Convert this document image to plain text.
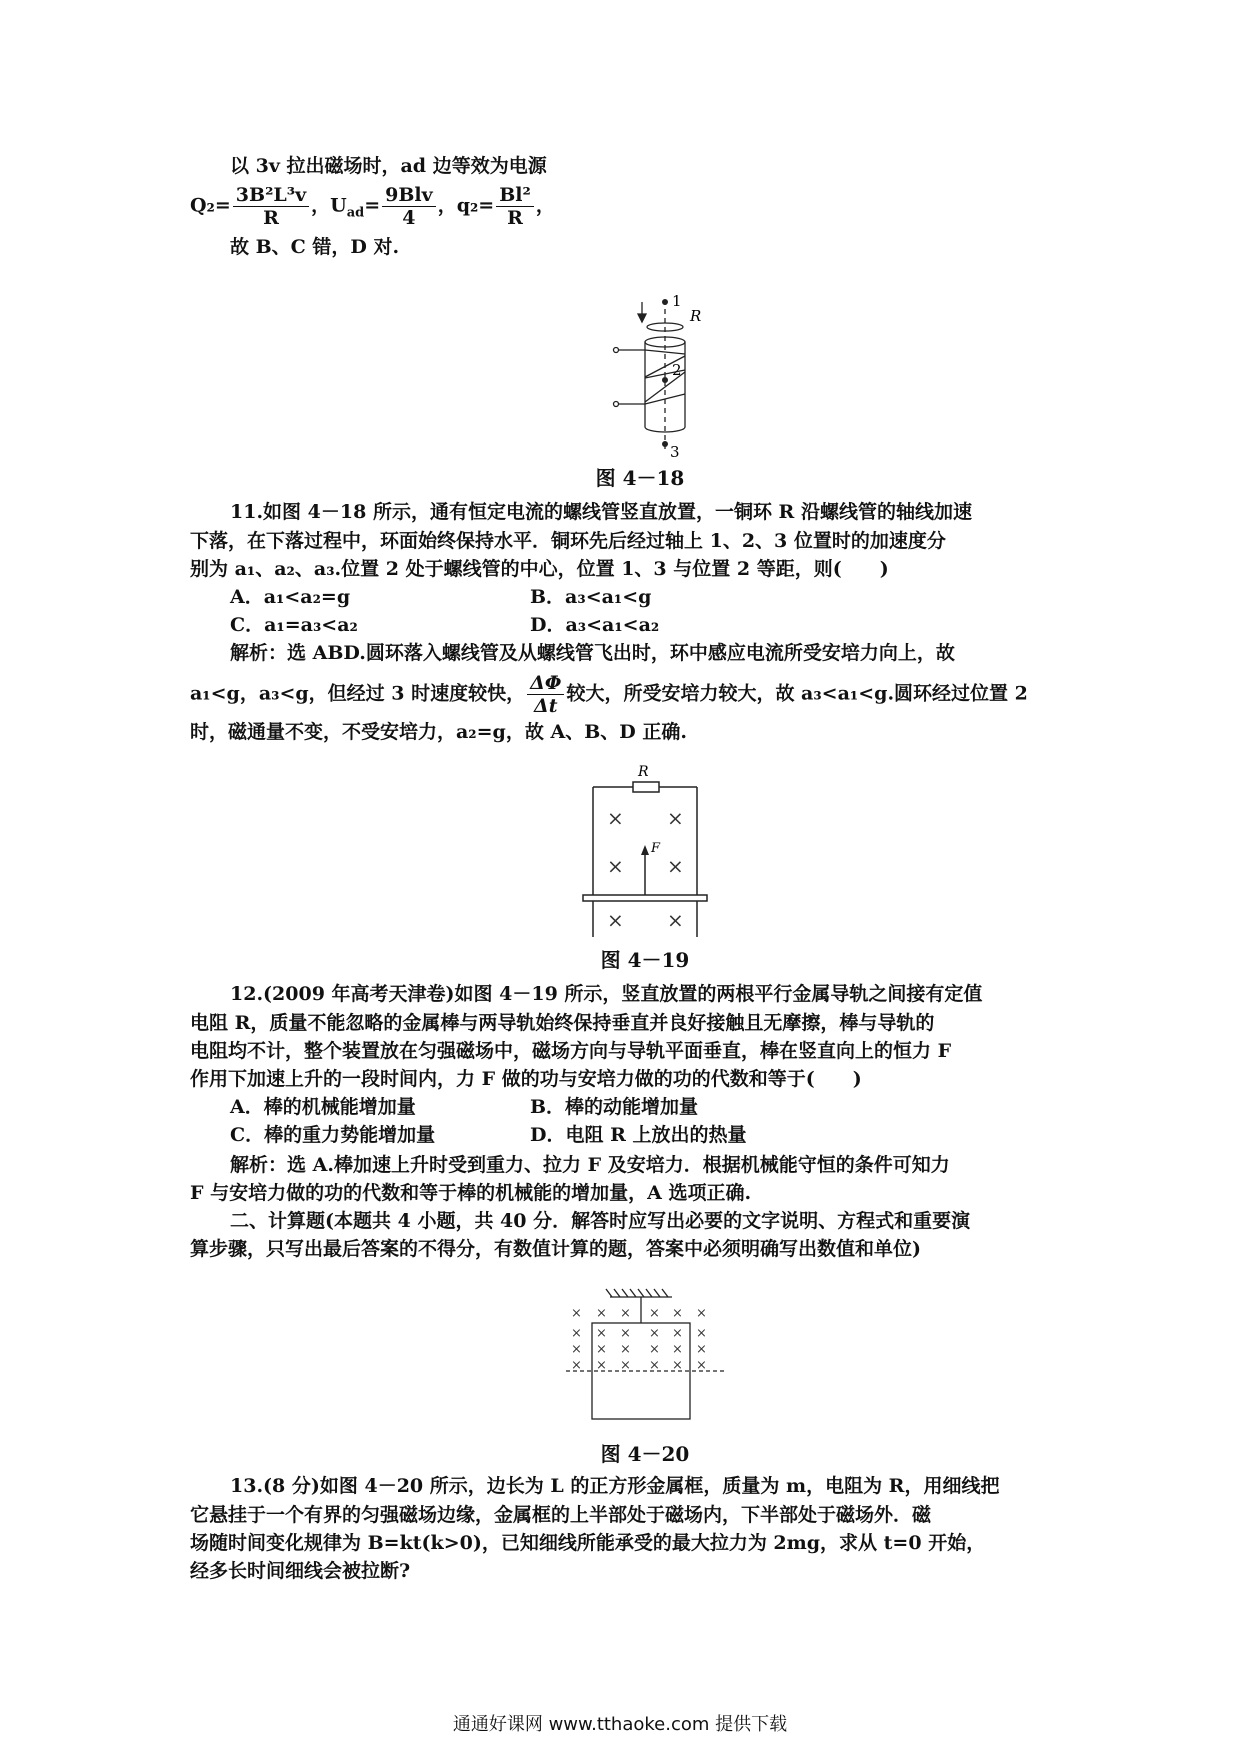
以 3v 拉出磁场时，ad 边等效为电源
$Q_2= \frac{\text{3B²L³v}}{R}$ ，$U_{ad}= \frac{\text{9Blv}}{4}$ ，$q_2= \frac{\text{Bl²}}{R}$ ，
故 B、C 错，D 对.
1
R
2
3
图 4－18
11.如图 4－18 所示，通有恒定电流的螺线管竖直放置，一铜环 R 沿螺线管的轴线加速
下落，在下落过程中，环面始终保持水平．铜环先后经过轴上 1、2、3 位置时的加速度分
别为 a₁、a₂、a₃.位置 2 处于螺线管的中心，位置 1、3 与位置 2 等距，则(　　)
A．a₁<a₂=g	B．a₃<a₁<g
C．a₁=a₃<a₂	D．a₃<a₁<a₂
解析：选 ABD.圆环落入螺线管及从螺线管飞出时，环中感应电流所受安培力向上，故
a₁<g，a₃<g，但经过 3 时速度较快， $\frac{\Delta\Phi}{\Delta t}$ 较大，所受安培力较大，故 a₃<a₁<g.圆环经过位置 2
时，磁通量不变，不受安培力，a₂=g，故 A、B、D 正确.
× ×
× ×
× ×
R
F
图 4－19
12.(2009 年高考天津卷)如图 4－19 所示，竖直放置的两根平行金属导轨之间接有定值
电阻 R，质量不能忽略的金属棒与两导轨始终保持垂直并良好接触且无摩擦，棒与导轨的
电阻均不计，整个装置放在匀强磁场中，磁场方向与导轨平面垂直，棒在竖直向上的恒力 F
作用下加速上升的一段时间内，力 F 做的功与安培力做的功的代数和等于(　　)
A．棒的机械能增加量	B．棒的动能增加量
C．棒的重力势能增加量	D．电阻 R 上放出的热量
解析：选 A.棒加速上升时受到重力、拉力 F 及安培力．根据机械能守恒的条件可知力
F 与安培力做的功的代数和等于棒的机械能的增加量，A 选项正确.
二、计算题(本题共 4 小题，共 40 分．解答时应写出必要的文字说明、方程式和重要演
算步骤，只写出最后答案的不得分，有数值计算的题，答案中必须明确写出数值和单位)
× × × × × ×
× × × × × ×
× × × × × ×
× × × × × ×
图 4－20
13.(8 分)如图 4－20 所示，边长为 L 的正方形金属框，质量为 m，电阻为 R，用细线把
它悬挂于一个有界的匀强磁场边缘，金属框的上半部处于磁场内，下半部处于磁场外．磁
场随时间变化规律为 B=kt(k>0)，已知细线所能承受的最大拉力为 2mg，求从 t=0 开始，
经多长时间细线会被拉断?
通通好课网 www.tthaoke.com 提供下载
